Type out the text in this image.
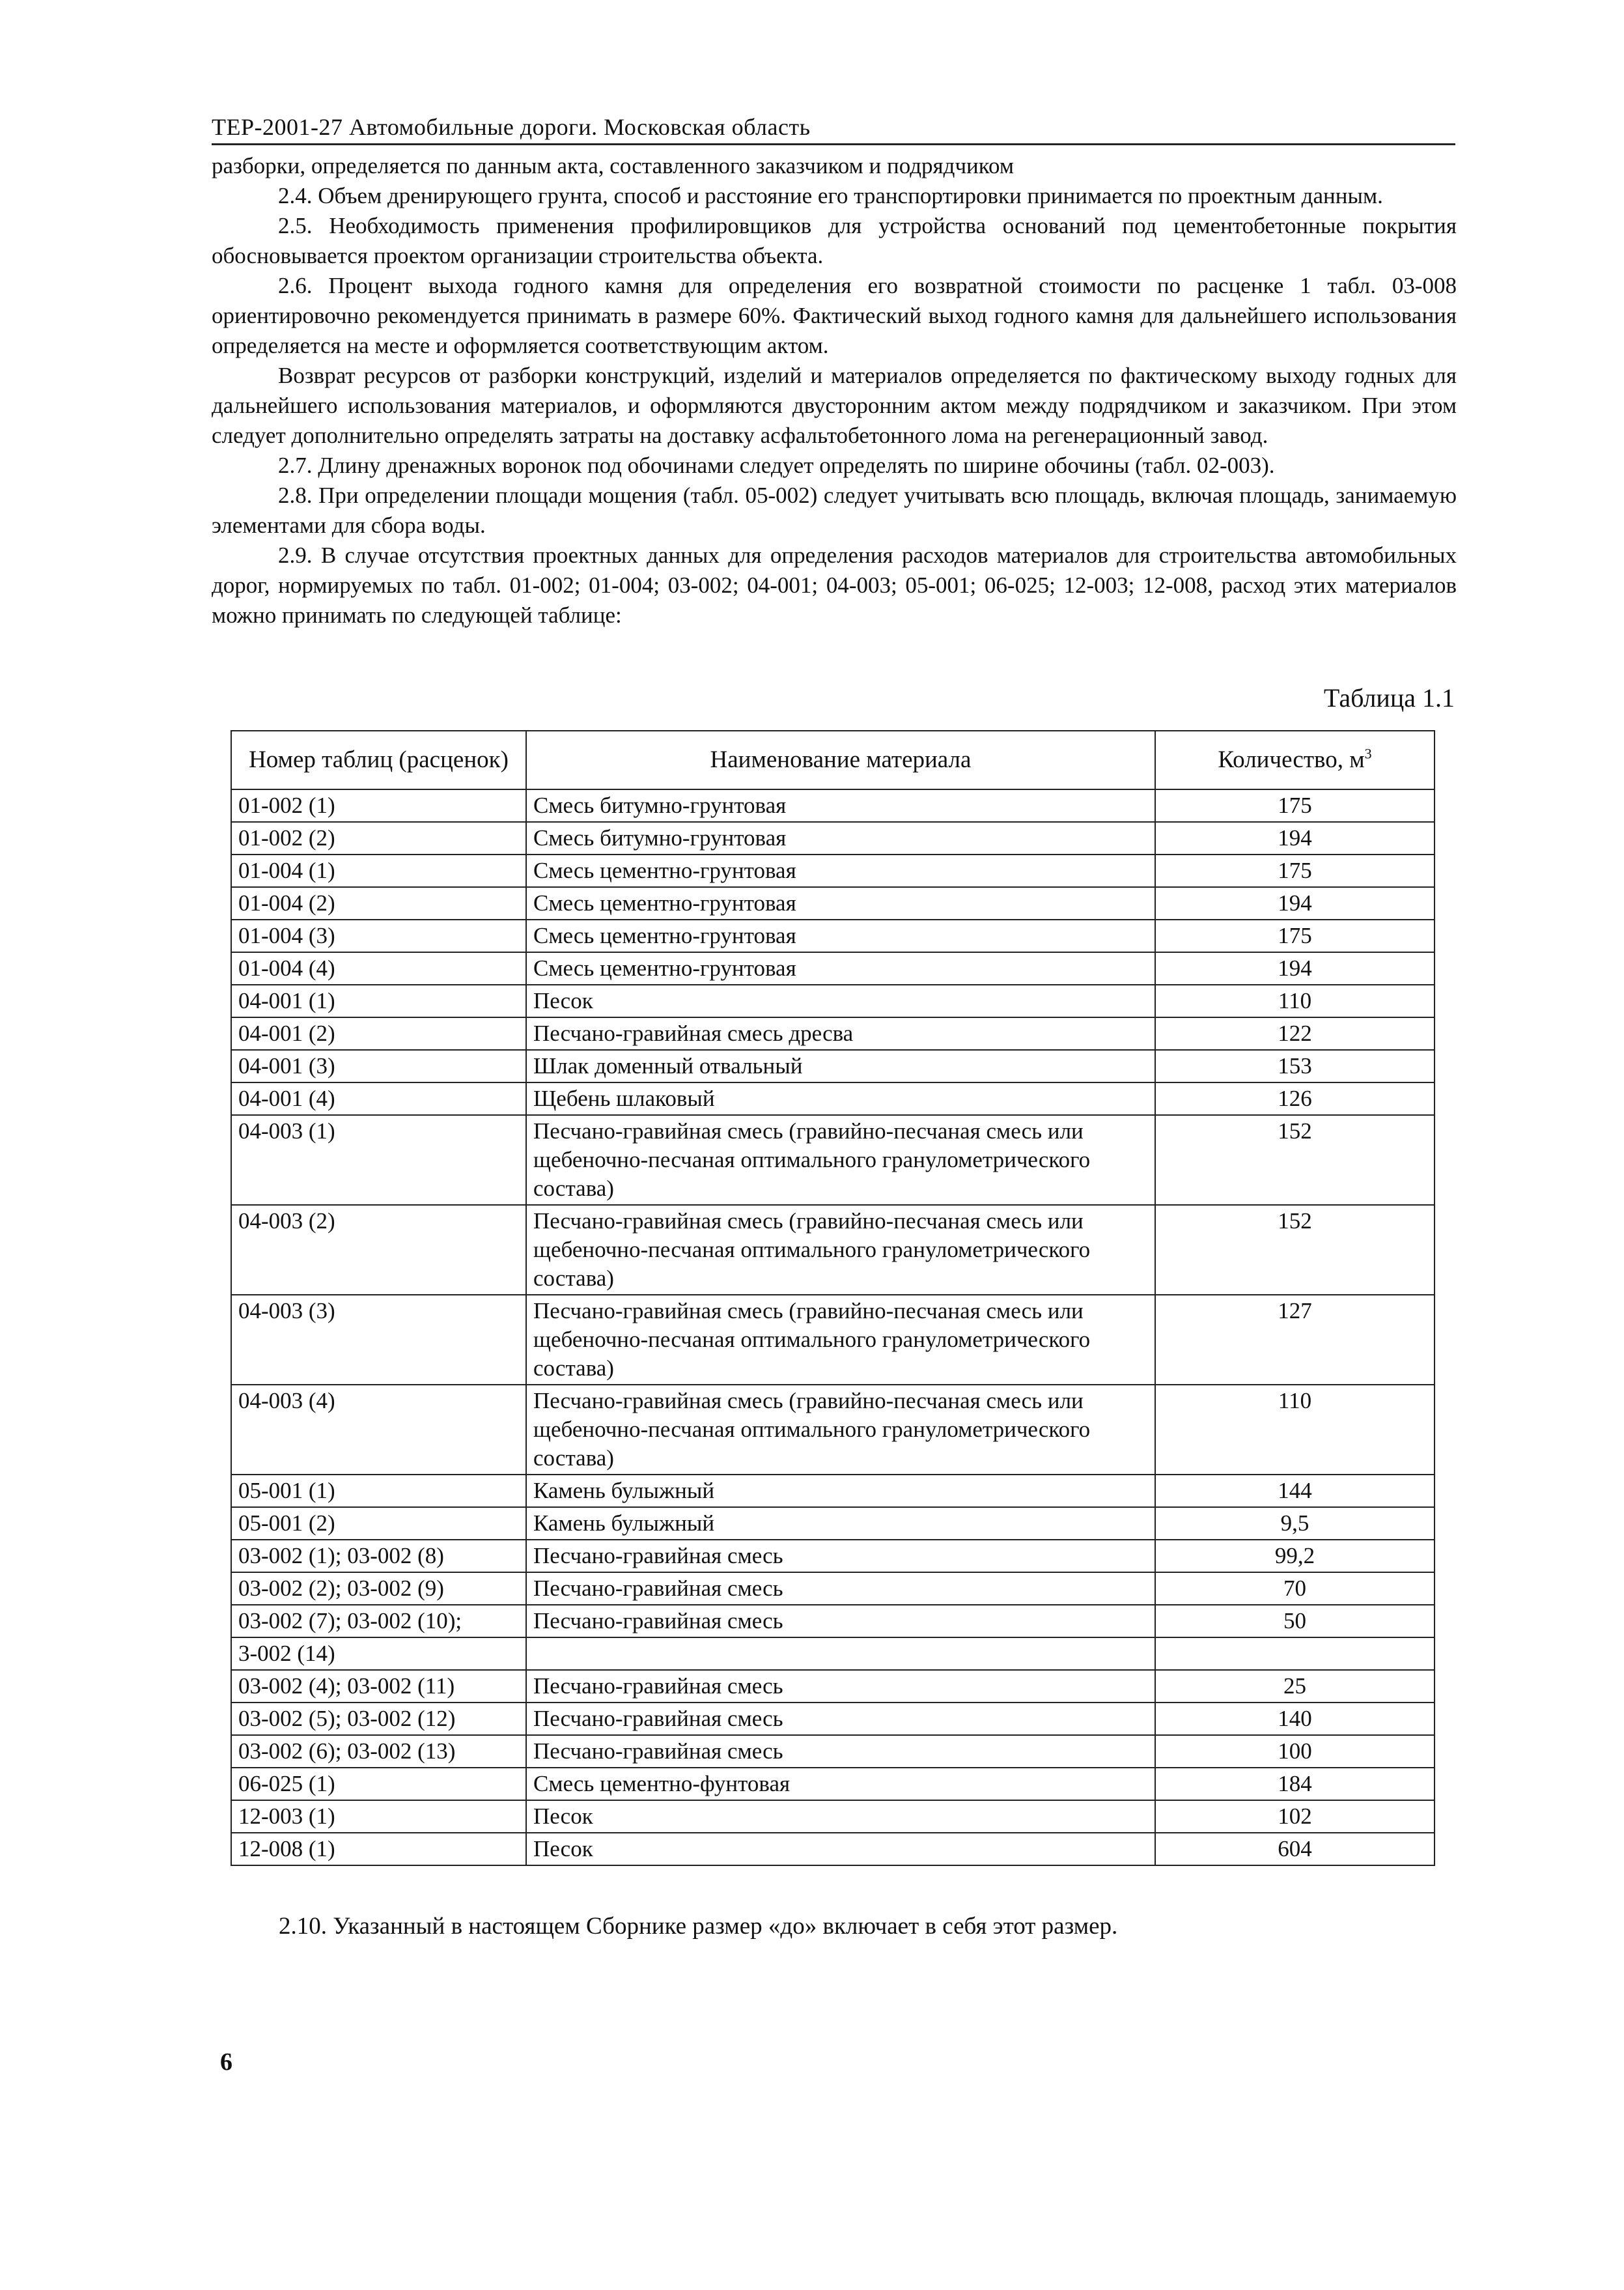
ТЕР-2001-27 Автомобильные дороги. Московская область

разборки, определяется по данным акта, составленного заказчиком и подрядчиком

2.4. Объем дренирующего грунта, способ и расстояние его транспортировки принимается по проектным данным.

2.5. Необходимость применения профилировщиков для устройства оснований под цементобетонные покрытия обосновывается проектом организации строительства объекта.

2.6. Процент выхода годного камня для определения его возвратной стоимости по расценке 1 табл. 03-008 ориентировочно рекомендуется принимать в размере 60%. Фактический выход годного камня для дальнейшего использования определяется на месте и оформляется соответствующим актом.

Возврат ресурсов от разборки конструкций, изделий и материалов определяется по фактическому выходу годных для дальнейшего использования материалов, и оформляются двусторонним актом между подрядчиком и заказчиком. При этом следует дополнительно определять затраты на доставку асфальтобетонного лома на регенерационный завод.

2.7. Длину дренажных воронок под обочинами следует определять по ширине обочины (табл. 02-003).

2.8. При определении площади мощения (табл. 05-002) следует учитывать всю площадь, включая площадь, занимаемую элементами для сбора воды.

2.9. В случае отсутствия проектных данных для определения расходов материалов для строительства автомобильных дорог, нормируемых по табл. 01-002; 01-004; 03-002; 04-001; 04-003; 05-001; 06-025; 12-003; 12-008, расход этих материалов можно принимать по следующей таблице:

Таблица 1.1
Номер таблиц (расценок)	Наименование материала	Количество, $м^3$
01-002 (1)	Смесь битумно-грунтовая	175
01-002 (2)	Смесь битумно-грунтовая	194
01-004 (1)	Смесь цементно-грунтовая	175
01-004 (2)	Смесь цементно-грунтовая	194
01-004 (3)	Смесь цементно-грунтовая	175
01-004 (4)	Смесь цементно-грунтовая	194
04-001 (1)	Песок	110
04-001 (2)	Песчано-гравийная смесь дресва	122
04-001 (3)	Шлак доменный отвальный	153
04-001 (4)	Щебень шлаковый	126
04-003 (1)	Песчано-гравийная смесь (гравийно-песчаная смесь или щебеночно-песчаная оптимального гранулометрического состава)	152
04-003 (2)	Песчано-гравийная смесь (гравийно-песчаная смесь или щебеночно-песчаная оптимального гранулометрического состава)	152
04-003 (3)	Песчано-гравийная смесь (гравийно-песчаная смесь или щебеночно-песчаная оптимального гранулометрического состава)	127
04-003 (4)	Песчано-гравийная смесь (гравийно-песчаная смесь или щебеночно-песчаная оптимального гранулометрического состава)	110
05-001 (1)	Камень булыжный	144
05-001 (2)	Камень булыжный	9,5
03-002 (1); 03-002 (8)	Песчано-гравийная смесь	99,2
03-002 (2); 03-002 (9)	Песчано-гравийная смесь	70
03-002 (7); 03-002 (10);	Песчано-гравийная смесь	50
3-002 (14)		
03-002 (4); 03-002 (11)	Песчано-гравийная смесь	25
03-002 (5); 03-002 (12)	Песчано-гравийная смесь	140
03-002 (6); 03-002 (13)	Песчано-гравийная смесь	100
06-025 (1)	Смесь цементно-фунтовая	184
12-003 (1)	Песок	102
12-008 (1)	Песок	604
2.10. Указанный в настоящем Сборнике размер «до» включает в себя этот размер.
6
